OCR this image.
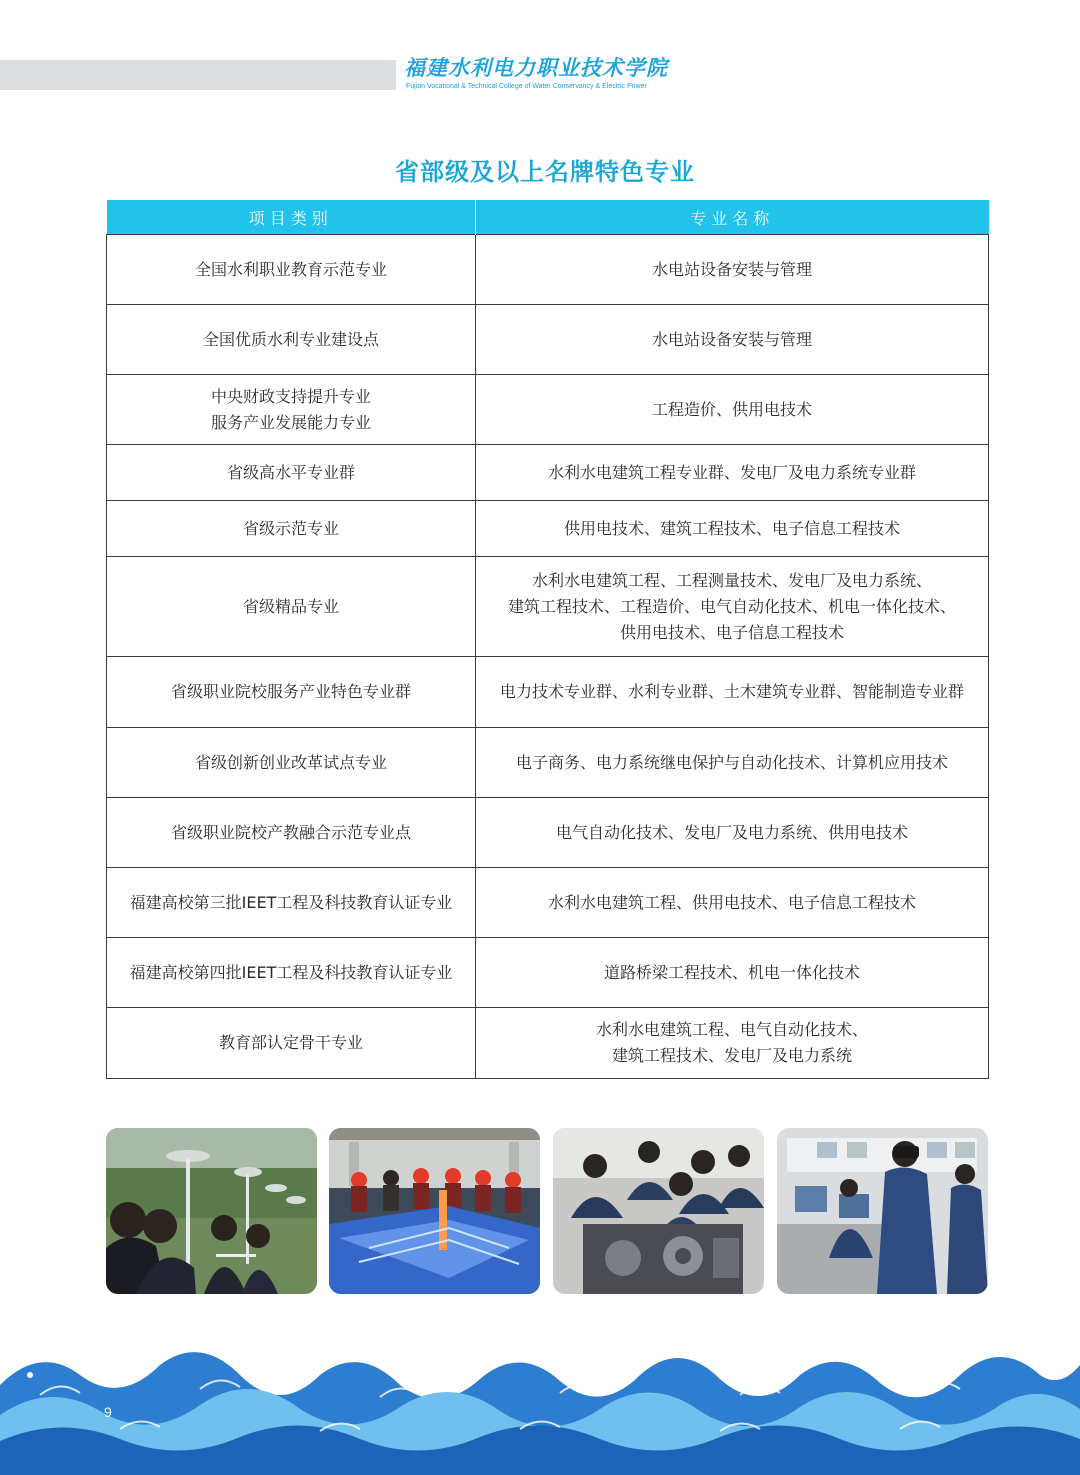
福建水利电力职业技术学院
Fujian Vocational & Technical College of Water Conservancy & Electric Power
省部级及以上名牌特色专业
项目类别	专业名称

全国水利职业教育示范专业	水电站设备安装与管理

全国优质水利专业建设点	水电站设备安装与管理

中央财政支持提升专业
服务产业发展能力专业	工程造价、供用电技术

省级高水平专业群	水利水电建筑工程专业群、发电厂及电力系统专业群

省级示范专业	供用电技术、建筑工程技术、电子信息工程技术

省级精品专业	水利水电建筑工程、工程测量技术、发电厂及电力系统、
建筑工程技术、工程造价、电气自动化技术、机电一体化技术、
供用电技术、电子信息工程技术

省级职业院校服务产业特色专业群	电力技术专业群、水利专业群、土木建筑专业群、智能制造专业群

省级创新创业改革试点专业	电子商务、电力系统继电保护与自动化技术、计算机应用技术

省级职业院校产教融合示范专业点	电气自动化技术、发电厂及电力系统、供用电技术

福建高校第三批IEET工程及科技教育认证专业	水利水电建筑工程、供用电技术、电子信息工程技术

福建高校第四批IEET工程及科技教育认证专业	道路桥梁工程技术、机电一体化技术

教育部认定骨干专业	水利水电建筑工程、电气自动化技术、
建筑工程技术、发电厂及电力系统
9
